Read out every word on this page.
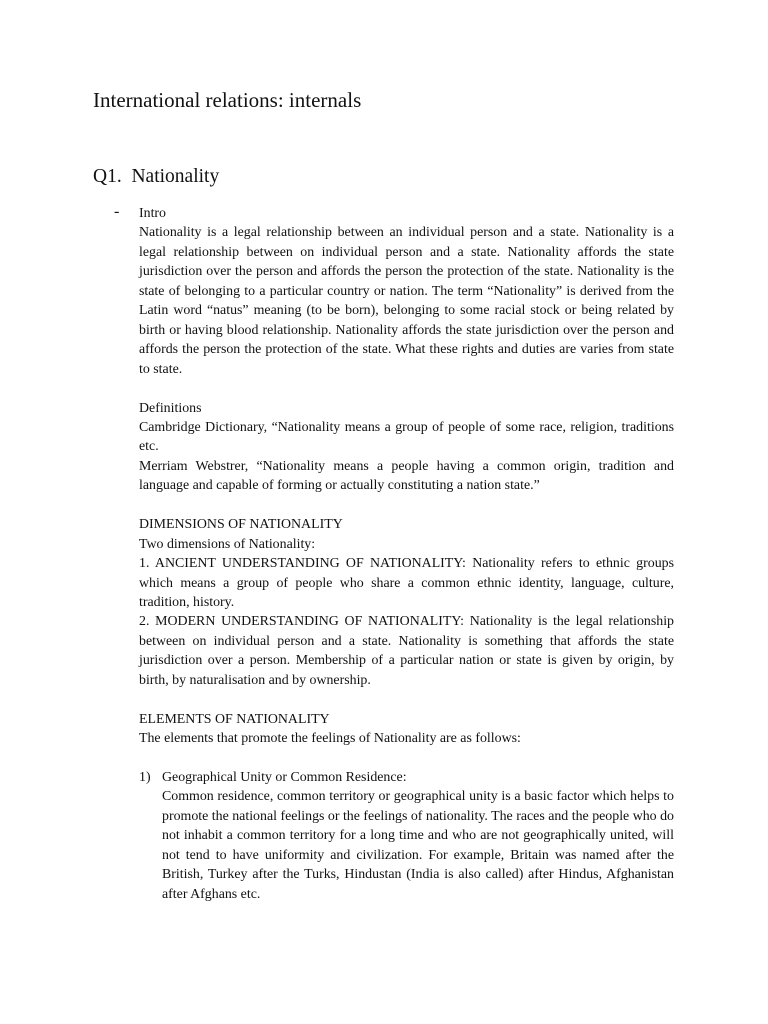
International relations: internals
Q1. Nationality
- Intro

Nationality is a legal relationship between an individual person and a state. Nationality is a legal relationship between on individual person and a state. Nationality affords the state jurisdiction over the person and affords the person the protection of the state. Nationality is the state of belonging to a particular country or nation. The term “Nationality” is derived from the Latin word “natus” meaning (to be born), belonging to some racial stock or being related by birth or having blood relationship. Nationality affords the state jurisdiction over the person and affords the person the protection of the state. What these rights and duties are varies from state to state.

Definitions

Cambridge Dictionary, “Nationality means a group of people of some race, religion, traditions etc.

Merriam Webstrer, “Nationality means a people having a common origin, tradition and language and capable of forming or actually constituting a nation state.”

DIMENSIONS OF NATIONALITY

Two dimensions of Nationality:

1. ANCIENT UNDERSTANDING OF NATIONALITY: Nationality refers to ethnic groups which means a group of people who share a common ethnic identity, language, culture, tradition, history.

2. MODERN UNDERSTANDING OF NATIONALITY: Nationality is the legal relationship between on individual person and a state. Nationality is something that affords the state jurisdiction over a person. Membership of a particular nation or state is given by origin, by birth, by naturalisation and by ownership.

ELEMENTS OF NATIONALITY

The elements that promote the feelings of Nationality are as follows:

1) Geographical Unity or Common Residence:

Common residence, common territory or geographical unity is a basic factor which helps to promote the national feelings or the feelings of nationality. The races and the people who do not inhabit a common territory for a long time and who are not geographically united, will not tend to have uniformity and civilization. For example, Britain was named after the British, Turkey after the Turks, Hindustan (India is also called) after Hindus, Afghanistan after Afghans etc.
